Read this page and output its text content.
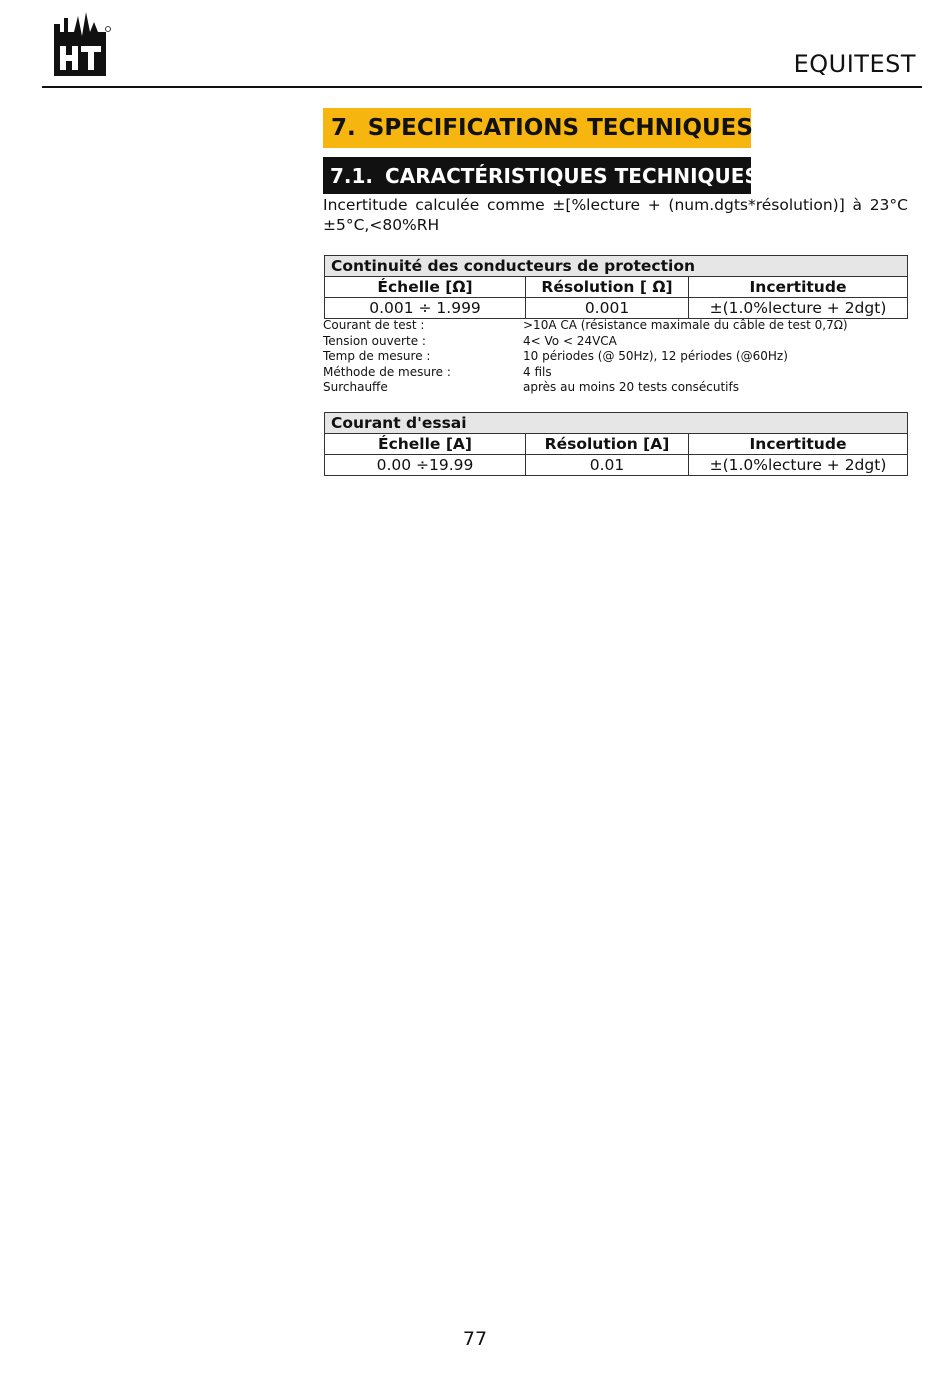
EQUITEST
7. SPECIFICATIONS TECHNIQUES
7.1. CARACTÉRISTIQUES TECHNIQUES
Incertitude calculée comme ±[%lecture + (num.dgts*résolution)] à 23°C ±5°C,<80%RH
Continuité des conducteurs de protection		
Échelle [Ω]	Résolution [ Ω]	Incertitude
0.001 ÷ 1.999	0.001	±(1.0%lecture + 2dgt)
Courant de test :	>10A CA (résistance maximale du câble de test 0,7Ω)
Tension ouverte :	4< Vo < 24VCA
Temp de mesure :	10 périodes (@ 50Hz), 12 périodes (@60Hz)
Méthode de mesure :	4 fils
Surchauffe	après au moins 20 tests consécutifs
Courant d'essai		
Échelle [A]	Résolution [A]	Incertitude
0.00 ÷19.99	0.01	±(1.0%lecture + 2dgt)
77
